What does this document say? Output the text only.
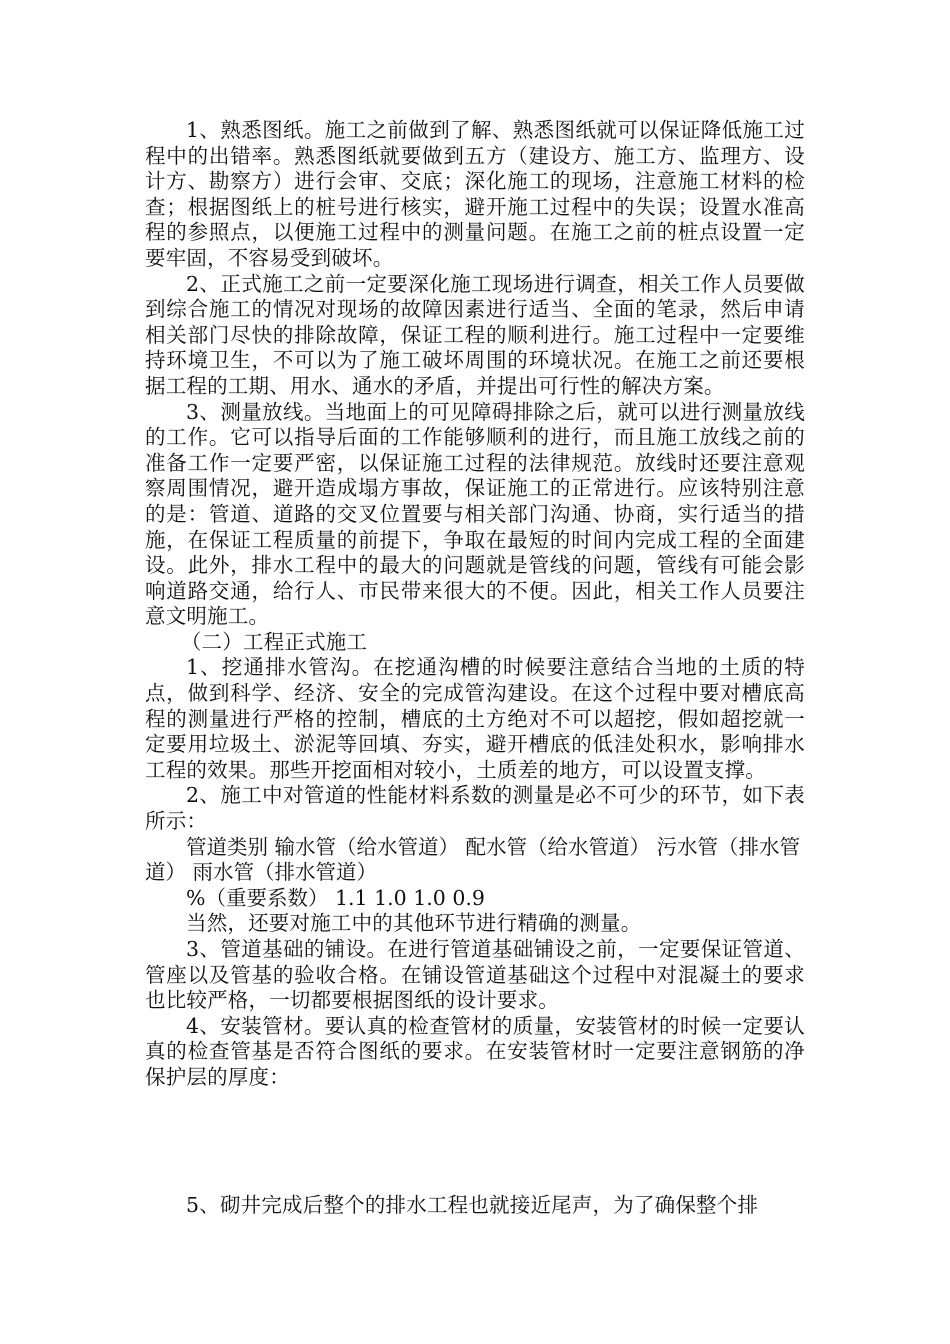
1、熟悉图纸。施工之前做到了解、熟悉图纸就可以保证降低施工过程中的出错率。熟悉图纸就要做到五方（建设方、施工方、监理方、设计方、勘察方）进行会审、交底；深化施工的现场，注意施工材料的检查；根据图纸上的桩号进行核实，避开施工过程中的失误；设置水准高程的参照点，以便施工过程中的测量问题。在施工之前的桩点设置一定要牢固，不容易受到破坏。

2、正式施工之前一定要深化施工现场进行调查，相关工作人员要做到综合施工的情况对现场的故障因素进行适当、全面的笔录，然后申请相关部门尽快的排除故障，保证工程的顺利进行。施工过程中一定要维持环境卫生，不可以为了施工破坏周围的环境状况。在施工之前还要根据工程的工期、用水、通水的矛盾，并提出可行性的解决方案。

3、测量放线。当地面上的可见障碍排除之后，就可以进行测量放线的工作。它可以指导后面的工作能够顺利的进行，而且施工放线之前的准备工作一定要严密，以保证施工过程的法律规范。放线时还要注意观察周围情况，避开造成塌方事故，保证施工的正常进行。应该特别注意的是：管道、道路的交叉位置要与相关部门沟通、协商，实行适当的措施，在保证工程质量的前提下，争取在最短的时间内完成工程的全面建设。此外，排水工程中的最大的问题就是管线的问题，管线有可能会影响道路交通，给行人、市民带来很大的不便。因此，相关工作人员要注意文明施工。

（二）工程正式施工

1、挖通排水管沟。在挖通沟槽的时候要注意结合当地的土质的特点，做到科学、经济、安全的完成管沟建设。在这个过程中要对槽底高程的测量进行严格的控制，槽底的土方绝对不可以超挖，假如超挖就一定要用垃圾土、淤泥等回填、夯实，避开槽底的低洼处积水，影响排水工程的效果。那些开挖面相对较小，土质差的地方，可以设置支撑。

2、施工中对管道的性能材料系数的测量是必不可少的环节，如下表所示：

管道类别 输水管（给水管道） 配水管（给水管道） 污水管（排水管道） 雨水管（排水管道）

%（重要系数） 1.1 1.0 1.0 0.9

当然，还要对施工中的其他环节进行精确的测量。

3、管道基础的铺设。在进行管道基础铺设之前，一定要保证管道、管座以及管基的验收合格。在铺设管道基础这个过程中对混凝土的要求也比较严格，一切都要根据图纸的设计要求。

4、安装管材。要认真的检查管材的质量，安装管材的时候一定要认真的检查管基是否符合图纸的要求。在安装管材时一定要注意钢筋的净保护层的厚度：

5、砌井完成后整个的排水工程也就接近尾声，为了确保整个排
